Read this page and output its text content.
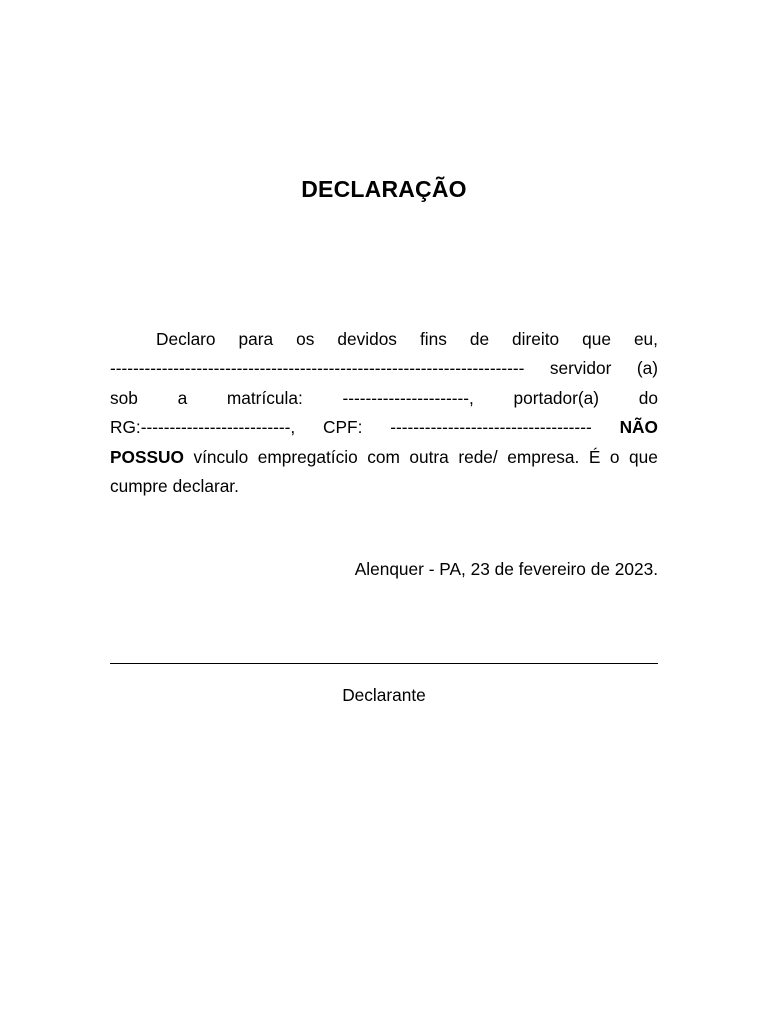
DECLARAÇÃO
Declaro para os devidos fins de direito que eu,
------------------------------------------------------------------------ servidor (a)
sob a matrícula: ----------------------, portador(a) do
RG:--------------------------, CPF: ----------------------------------- NÃO
POSSUO vínculo empregatício com outra rede/ empresa. É o que
cumpre declarar.
Alenquer - PA, 23 de fevereiro de 2023.
Declarante
